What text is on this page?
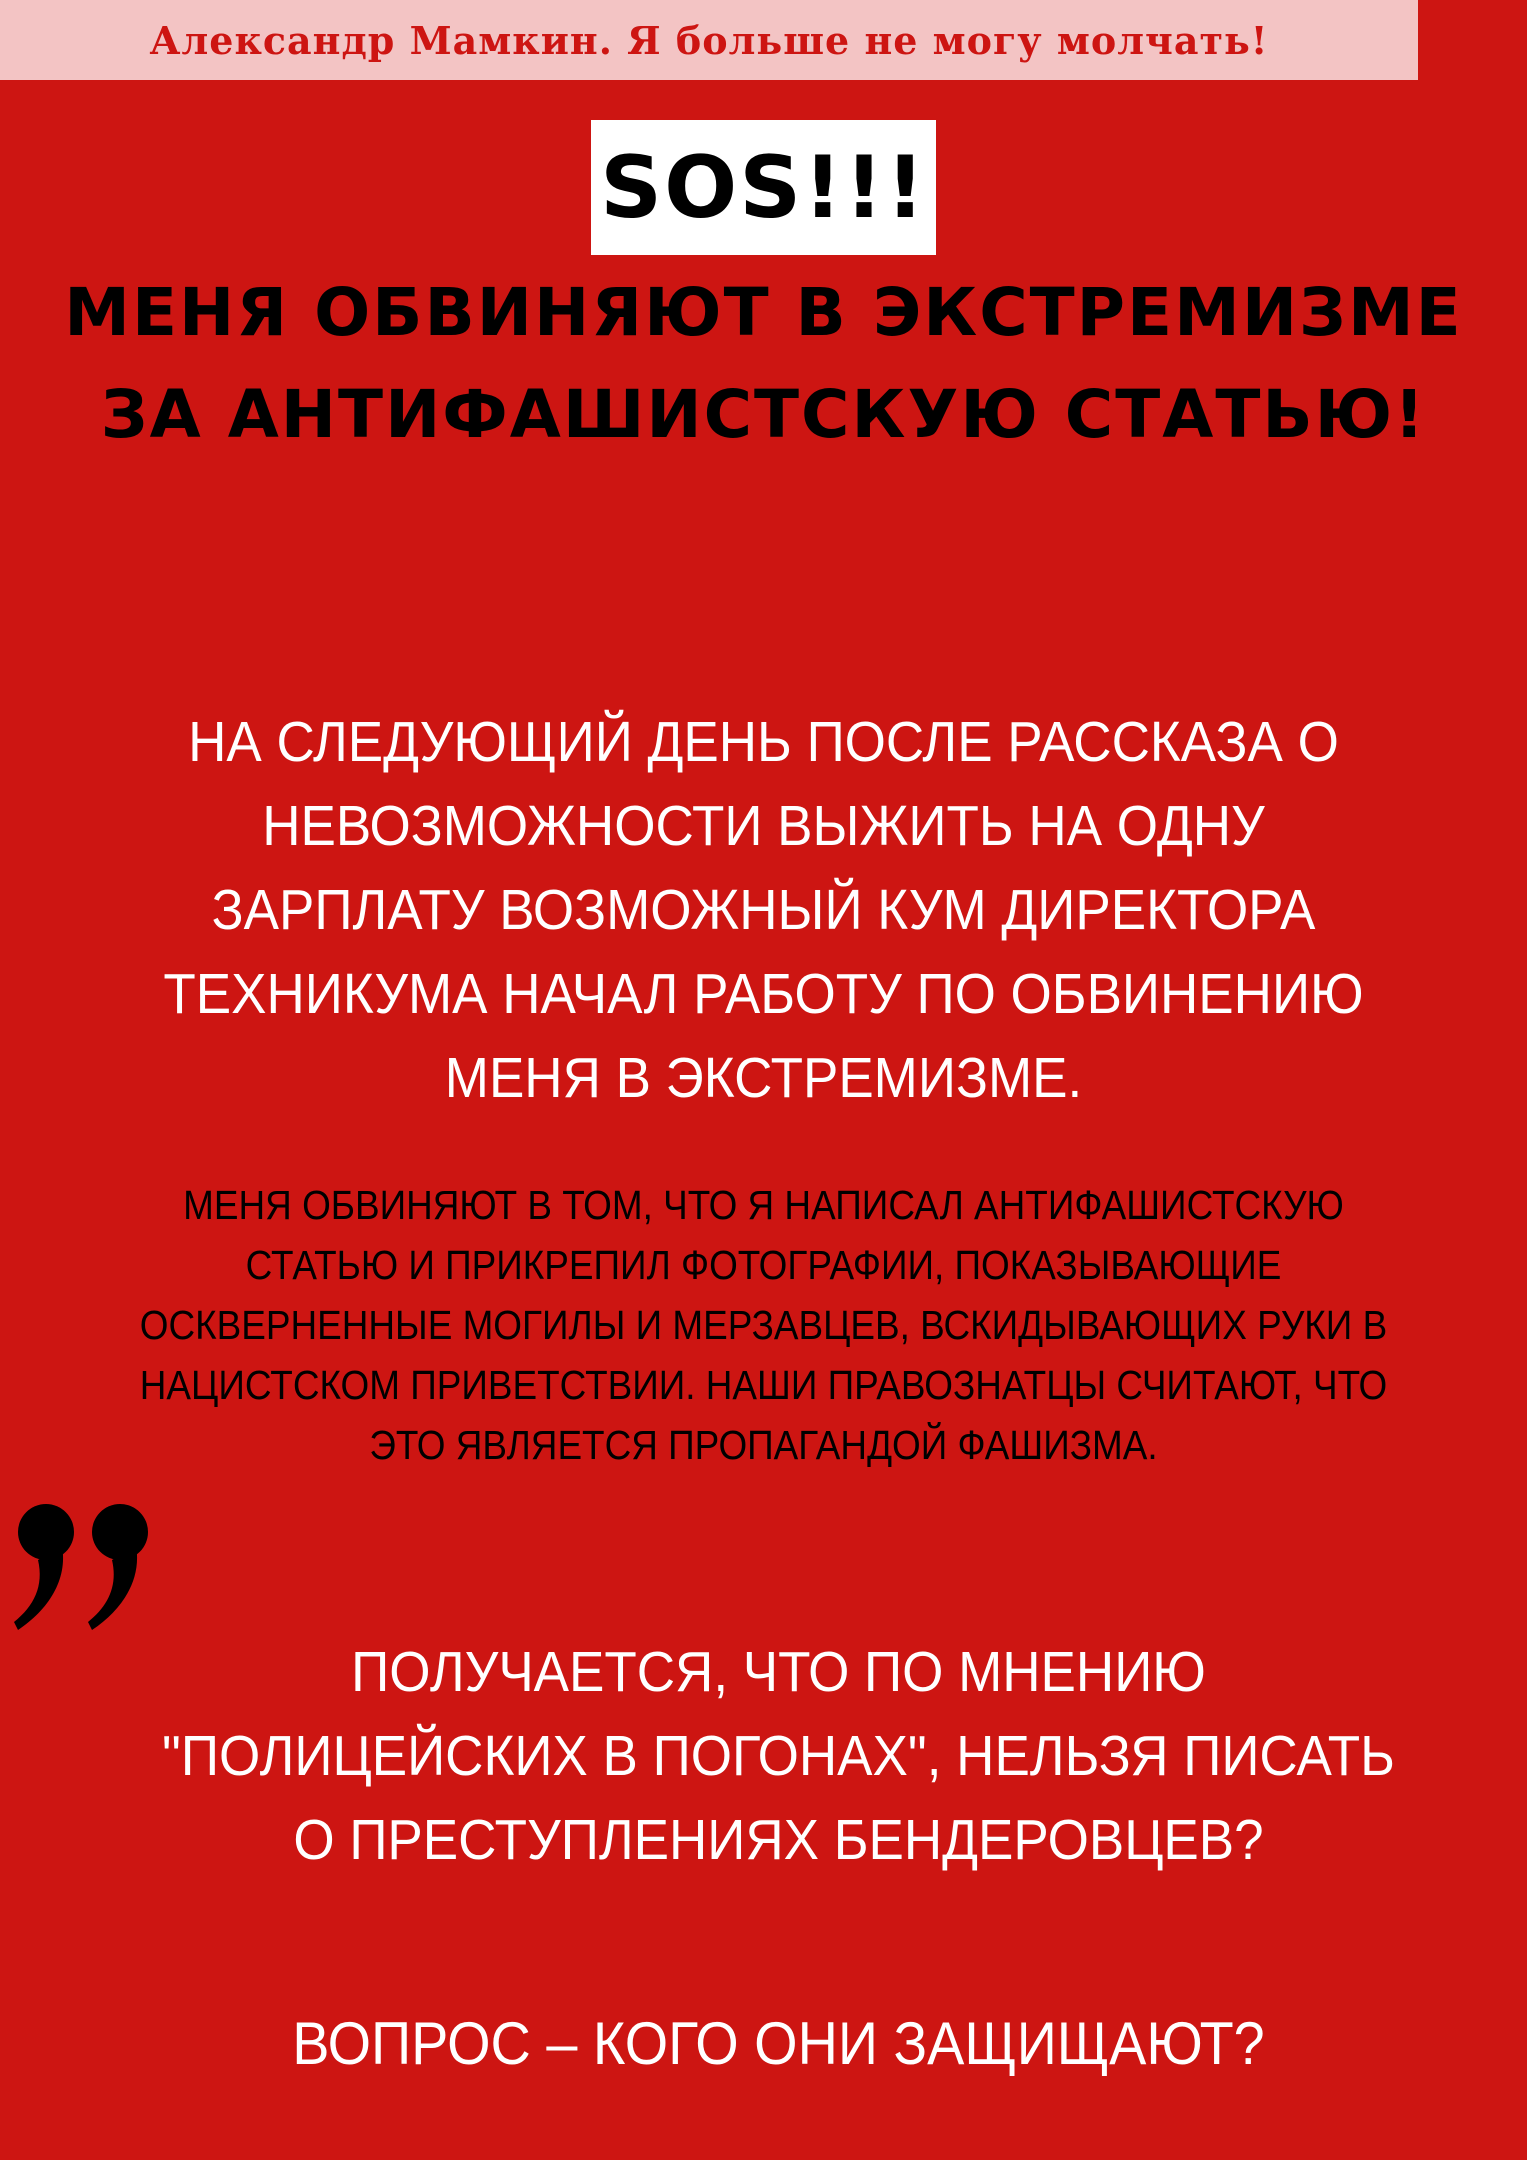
Александр Мамкин. Я больше не могу молчать!
SOS!!!
МЕНЯ ОБВИНЯЮТ В ЭКСТРЕМИЗМЕ ЗА АНТИФАШИСТСКУЮ СТАТЬЮ!

НА СЛЕДУЮЩИЙ ДЕНЬ ПОСЛЕ РАССКАЗА О НЕВОЗМОЖНОСТИ ВЫЖИТЬ НА ОДНУ ЗАРПЛАТУ ВОЗМОЖНЫЙ КУМ ДИРЕКТОРА ТЕХНИКУМА НАЧАЛ РАБОТУ ПО ОБВИНЕНИЮ МЕНЯ В ЭКСТРЕМИЗМЕ.

МЕНЯ ОБВИНЯЮТ В ТОМ, ЧТО Я НАПИСАЛ АНТИФАШИСТСКУЮ СТАТЬЮ И ПРИКРЕПИЛ ФОТОГРАФИИ, ПОКАЗЫВАЮЩИЕ ОСКВЕРНЕННЫЕ МОГИЛЫ И МЕРЗАВЦЕВ, ВСКИДЫВАЮЩИХ РУКИ В НАЦИСТСКОМ ПРИВЕТСТВИИ. НАШИ ПРАВОЗНАТЦЫ СЧИТАЮТ, ЧТО ЭТО ЯВЛЯЕТСЯ ПРОПАГАНДОЙ ФАШИЗМА.

ПОЛУЧАЕТСЯ, ЧТО ПО МНЕНИЮ "ПОЛИЦЕЙСКИХ В ПОГОНАХ", НЕЛЬЗЯ ПИСАТЬ О ПРЕСТУПЛЕНИЯХ БЕНДЕРОВЦЕВ?

ВОПРОС – КОГО ОНИ ЗАЩИЩАЮТ?
